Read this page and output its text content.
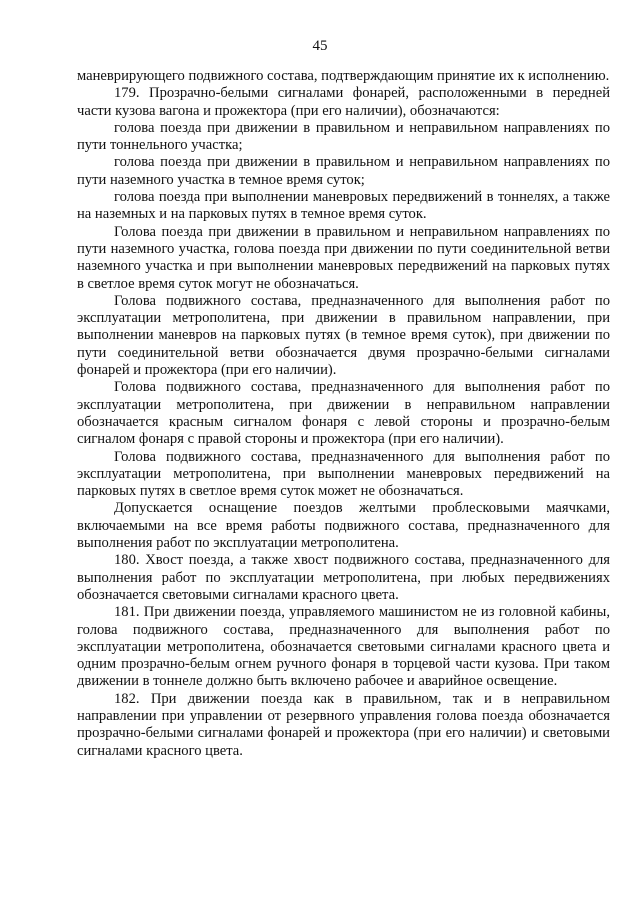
45

маневрирующего подвижного состава, подтверждающим принятие их к исполнению.

179. Прозрачно-белыми сигналами фонарей, расположенными в передней части кузова вагона и прожектора (при его наличии), обозначаются:

голова поезда при движении в правильном и неправильном направлениях по пути тоннельного участка;

голова поезда при движении в правильном и неправильном направлениях по пути наземного участка в темное время суток;

голова поезда при выполнении маневровых передвижений в тоннелях, а также на наземных и на парковых путях в темное время суток.

Голова поезда при движении в правильном и неправильном направлениях по пути наземного участка, голова поезда при движении по пути соединительной ветви наземного участка и при выполнении маневровых передвижений на парковых путях в светлое время суток могут не обозначаться.

Голова подвижного состава, предназначенного для выполнения работ по эксплуатации метрополитена, при движении в правильном направлении, при выполнении маневров на парковых путях (в темное время суток), при движении по пути соединительной ветви обозначается двумя прозрачно-белыми сигналами фонарей и прожектора (при его наличии).

Голова подвижного состава, предназначенного для выполнения работ по эксплуатации метрополитена, при движении в неправильном направлении обозначается красным сигналом фонаря с левой стороны и прозрачно-белым сигналом фонаря с правой стороны и прожектора (при его наличии).

Голова подвижного состава, предназначенного для выполнения работ по эксплуатации метрополитена, при выполнении маневровых передвижений на парковых путях в светлое время суток может не обозначаться.

Допускается оснащение поездов желтыми проблесковыми маячками, включаемыми на все время работы подвижного состава, предназначенного для выполнения работ по эксплуатации метрополитена.

180. Хвост поезда, а также хвост подвижного состава, предназначенного для выполнения работ по эксплуатации метрополитена, при любых передвижениях обозначается световыми сигналами красного цвета.

181. При движении поезда, управляемого машинистом не из головной кабины, голова подвижного состава, предназначенного для выполнения работ по эксплуатации метрополитена, обозначается световыми сигналами красного цвета и одним прозрачно-белым огнем ручного фонаря в торцевой части кузова. При таком движении в тоннеле должно быть включено рабочее и аварийное освещение.

182. При движении поезда как в правильном, так и в неправильном направлении при управлении от резервного управления голова поезда обозначается прозрачно-белыми сигналами фонарей и прожектора (при его наличии) и световыми сигналами красного цвета.
